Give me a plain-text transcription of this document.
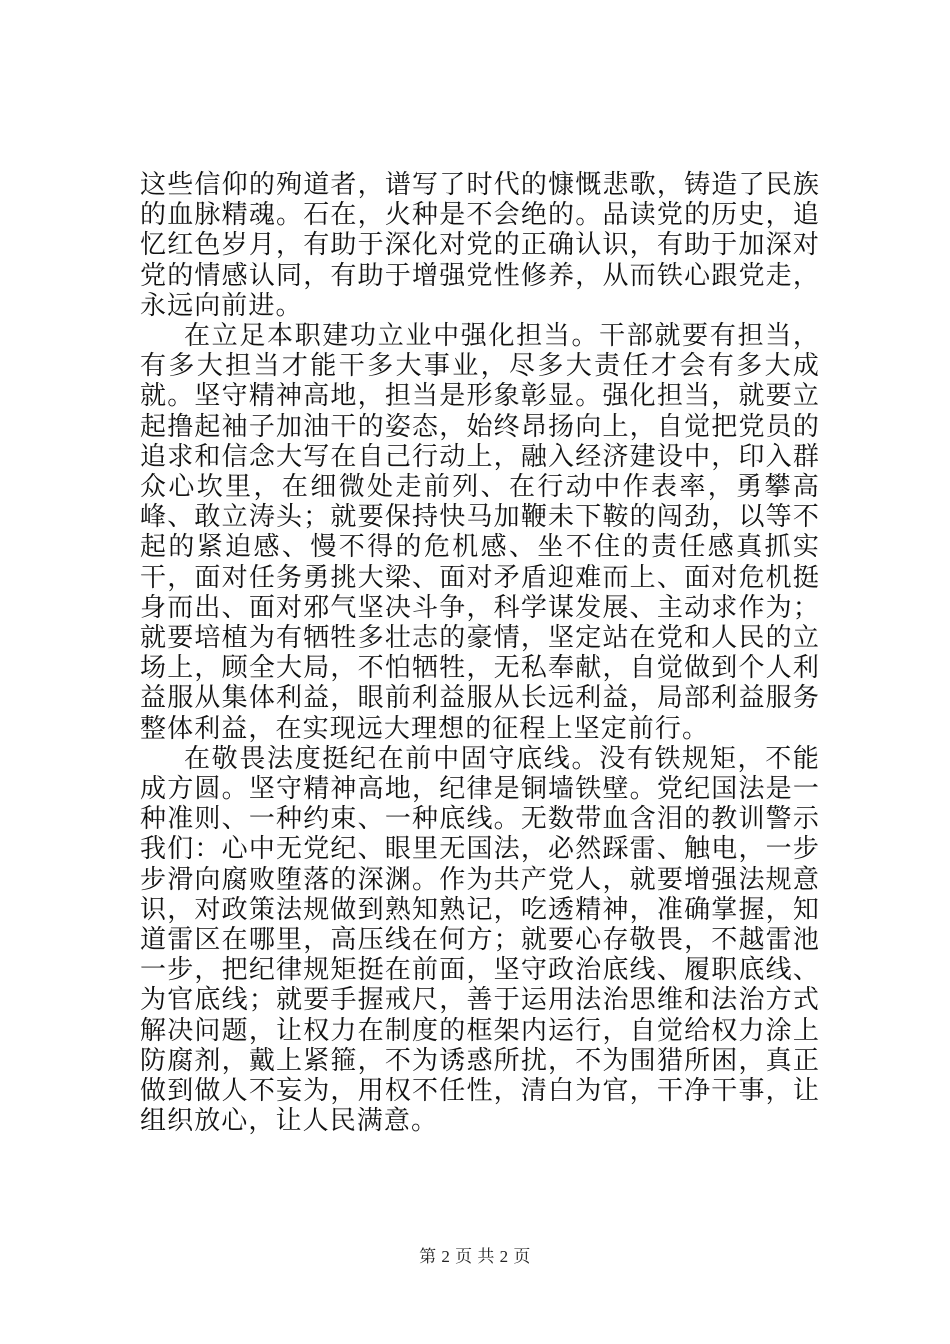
这些信仰的殉道者，谱写了时代的慷慨悲歌，铸造了民族的血脉精魂。石在，火种是不会绝的。品读党的历史，追忆红色岁月，有助于深化对党的正确认识，有助于加深对党的情感认同，有助于增强党性修养，从而铁心跟党走，永远向前进。

在立足本职建功立业中强化担当。干部就要有担当，有多大担当才能干多大事业，尽多大责任才会有多大成就。坚守精神高地，担当是形象彰显。强化担当，就要立起撸起袖子加油干的姿态，始终昂扬向上，自觉把党员的追求和信念大写在自己行动上，融入经济建设中，印入群众心坎里，在细微处走前列、在行动中作表率，勇攀高峰、敢立涛头；就要保持快马加鞭未下鞍的闯劲，以等不起的紧迫感、慢不得的危机感、坐不住的责任感真抓实干，面对任务勇挑大梁、面对矛盾迎难而上、面对危机挺身而出、面对邪气坚决斗争，科学谋发展、主动求作为；就要培植为有牺牲多壮志的豪情，坚定站在党和人民的立场上，顾全大局，不怕牺牲，无私奉献，自觉做到个人利益服从集体利益，眼前利益服从长远利益，局部利益服务整体利益，在实现远大理想的征程上坚定前行。

在敬畏法度挺纪在前中固守底线。没有铁规矩，不能成方圆。坚守精神高地，纪律是铜墙铁壁。党纪国法是一种准则、一种约束、一种底线。无数带血含泪的教训警示我们：心中无党纪、眼里无国法，必然踩雷、触电，一步步滑向腐败堕落的深渊。作为共产党人，就要增强法规意识，对政策法规做到熟知熟记，吃透精神，准确掌握，知道雷区在哪里，高压线在何方；就要心存敬畏，不越雷池一步，把纪律规矩挺在前面，坚守政治底线、履职底线、为官底线；就要手握戒尺，善于运用法治思维和法治方式解决问题，让权力在制度的框架内运行，自觉给权力涂上防腐剂，戴上紧箍，不为诱惑所扰，不为围猎所困，真正做到做人不妄为，用权不任性，清白为官，干净干事，让组织放心，让人民满意。

第 2 页 共 2 页
